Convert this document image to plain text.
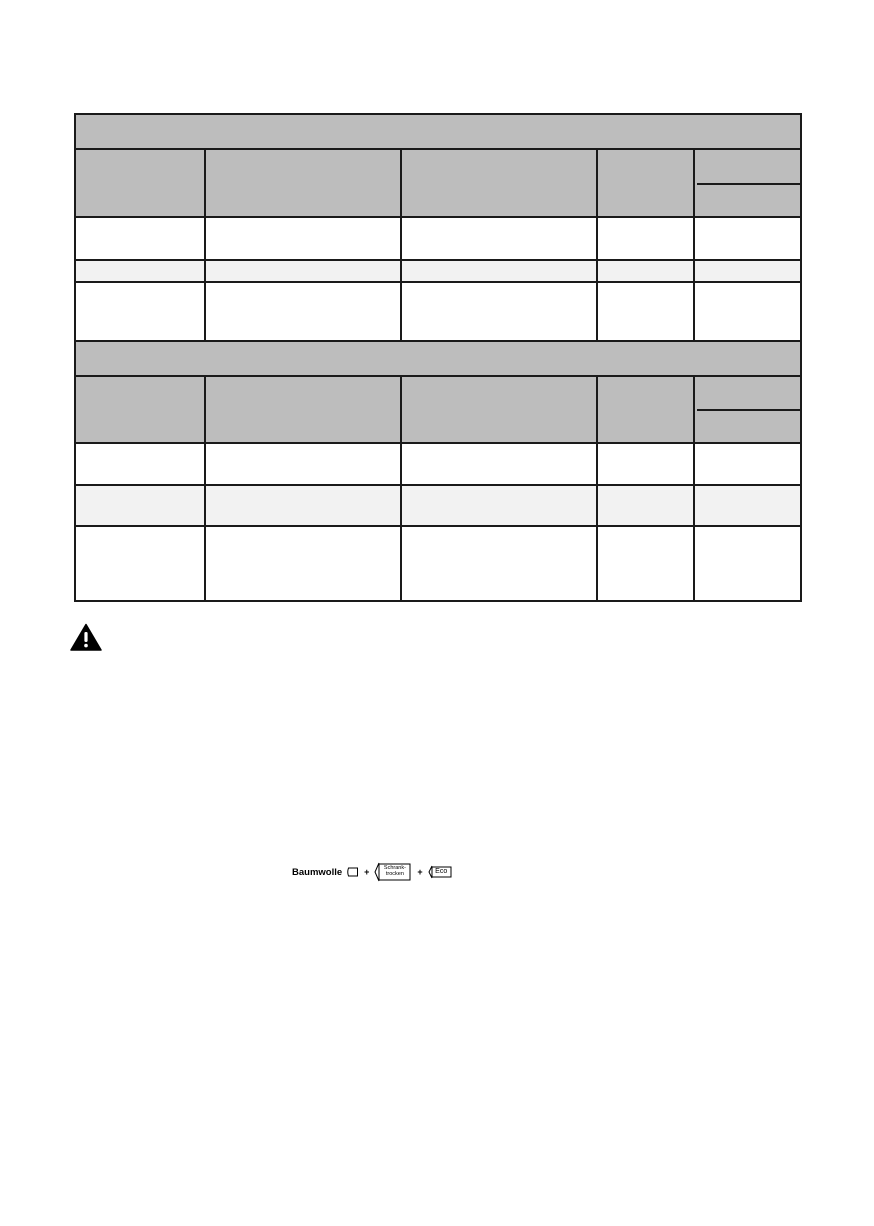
Baumwolle +	Schrank-
trocken	+	Eco
